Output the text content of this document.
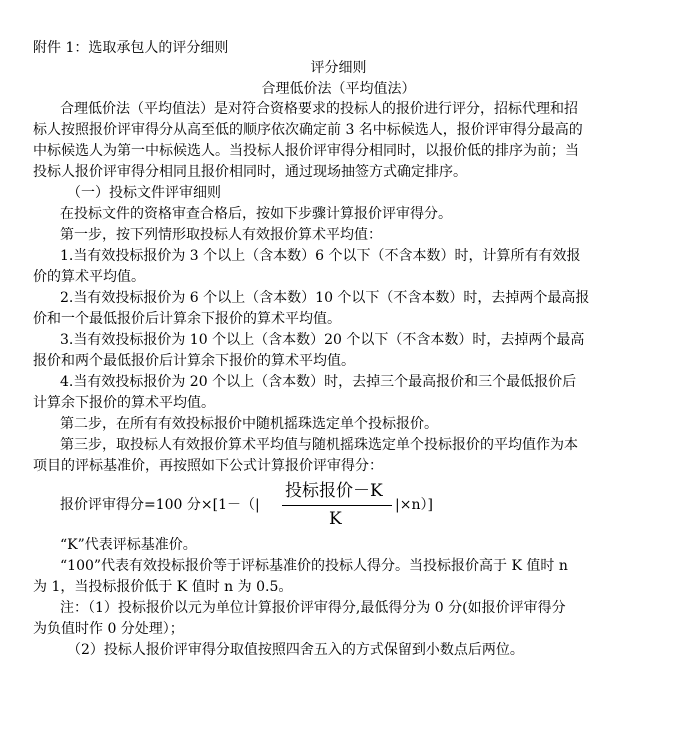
附件 1：选取承包人的评分细则
评分细则
合理低价法（平均值法）
合理低价法（平均值法）是对符合资格要求的投标人的报价进行评分，招标代理和招
标人按照报价评审得分从高至低的顺序依次确定前 3 名中标候选人，报价评审得分最高的
中标候选人为第一中标候选人。当投标人报价评审得分相同时，以报价低的排序为前；当
投标人报价评审得分相同且报价相同时，通过现场抽签方式确定排序。
（一）投标文件评审细则
在投标文件的资格审查合格后，按如下步骤计算报价评审得分。
第一步，按下列情形取投标人有效报价算术平均值：
1.当有效投标报价为 3 个以上（含本数）6 个以下（不含本数）时，计算所有有效报
价的算术平均值。
2.当有效投标报价为 6 个以上（含本数）10 个以下（不含本数）时，去掉两个最高报
价和一个最低报价后计算余下报价的算术平均值。
3.当有效投标报价为 10 个以上（含本数）20 个以下（不含本数）时，去掉两个最高
报价和两个最低报价后计算余下报价的算术平均值。
4.当有效投标报价为 20 个以上（含本数）时，去掉三个最高报价和三个最低报价后
计算余下报价的算术平均值。
第二步，在所有有效投标报价中随机摇珠选定单个投标报价。
第三步，取投标人有效报价算术平均值与随机摇珠选定单个投标报价的平均值作为本
项目的评标基准价，再按照如下公式计算报价评审得分：
报价评审得分=100 分×[1－（|
投标报价－K
K
|×n）]
“K”代表评标基准价。
“100”代表有效投标报价等于评标基准价的投标人得分。当投标报价高于 K 值时 n
为 1，当投标报价低于 K 值时 n 为 0.5。
注：（1）投标报价以元为单位计算报价评审得分,最低得分为 0 分(如报价评审得分
为负值时作 0 分处理）；
（2）投标人报价评审得分取值按照四舍五入的方式保留到小数点后两位。
